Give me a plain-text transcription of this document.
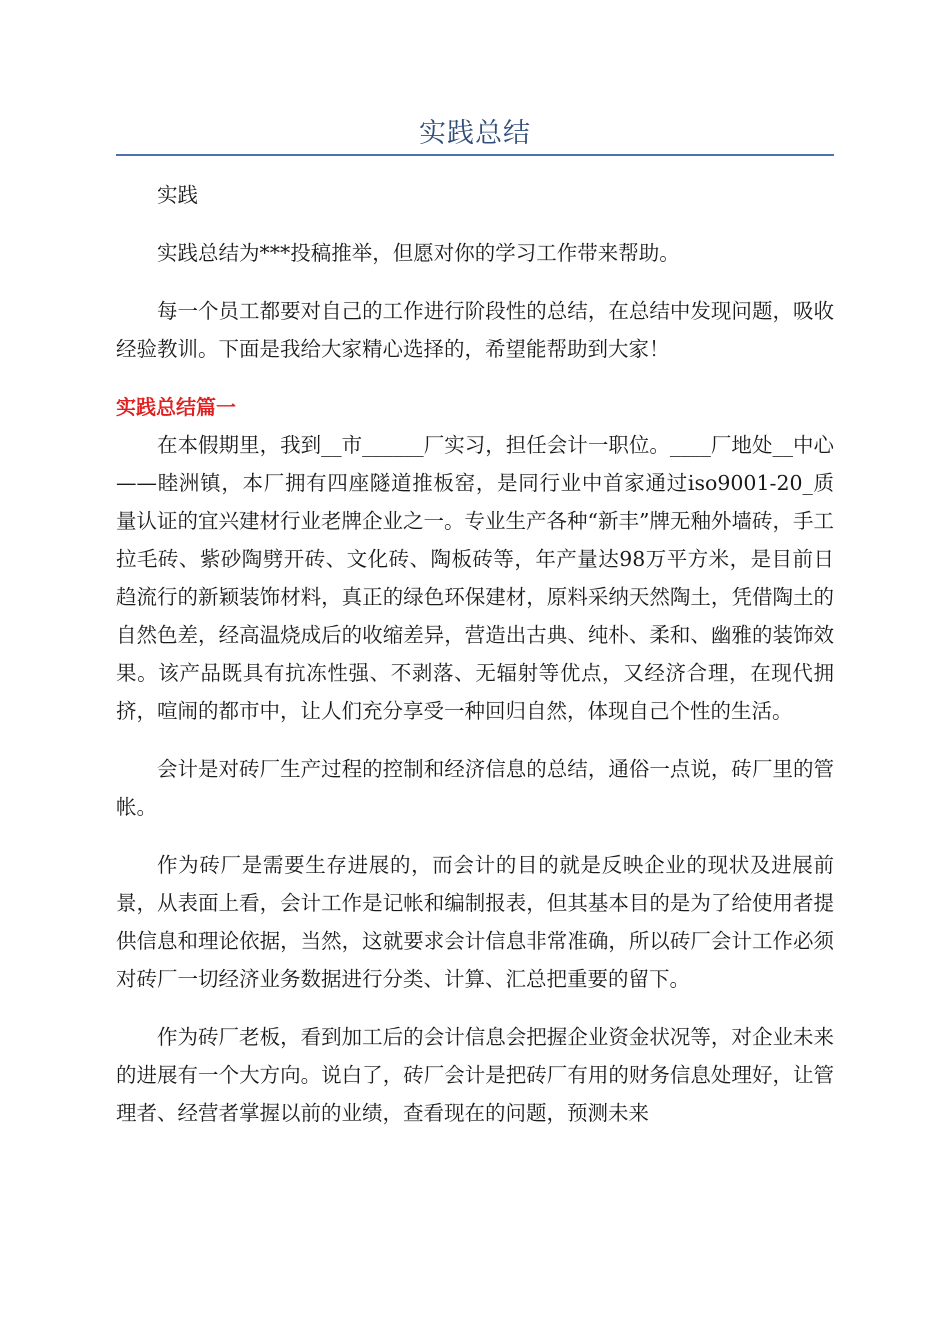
实践总结

实践

实践总结为***投稿推举，但愿对你的学习工作带来帮助。

每一个员工都要对自己的工作进行阶段性的总结，在总结中发现问题，吸收经验教训。下面是我给大家精心选择的，希望能帮助到大家！

实践总结篇一

在本假期里，我到__市______厂实习，担任会计一职位。____厂地处__中心——睦洲镇，本厂拥有四座隧道推板窑，是同行业中首家通过iso9001-20_质量认证的宜兴建材行业老牌企业之一。专业生产各种“新丰”牌无釉外墙砖，手工拉毛砖、紫砂陶劈开砖、文化砖、陶板砖等，年产量达98万平方米，是目前日趋流行的新颖装饰材料，真正的绿色环保建材，原料采纳天然陶土，凭借陶土的自然色差，经高温烧成后的收缩差异，营造出古典、纯朴、柔和、幽雅的装饰效果。该产品既具有抗冻性强、不剥落、无辐射等优点，又经济合理，在现代拥挤，喧闹的都市中，让人们充分享受一种回归自然，体现自己个性的生活。

会计是对砖厂生产过程的控制和经济信息的总结，通俗一点说，砖厂里的管帐。

作为砖厂是需要生存进展的，而会计的目的就是反映企业的现状及进展前景，从表面上看，会计工作是记帐和编制报表，但其基本目的是为了给使用者提供信息和理论依据，当然，这就要求会计信息非常准确，所以砖厂会计工作必须对砖厂一切经济业务数据进行分类、计算、汇总把重要的留下。

作为砖厂老板，看到加工后的会计信息会把握企业资金状况等，对企业未来的进展有一个大方向。说白了，砖厂会计是把砖厂有用的财务信息处理好，让管理者、经营者掌握以前的业绩，查看现在的问题，预测未来
